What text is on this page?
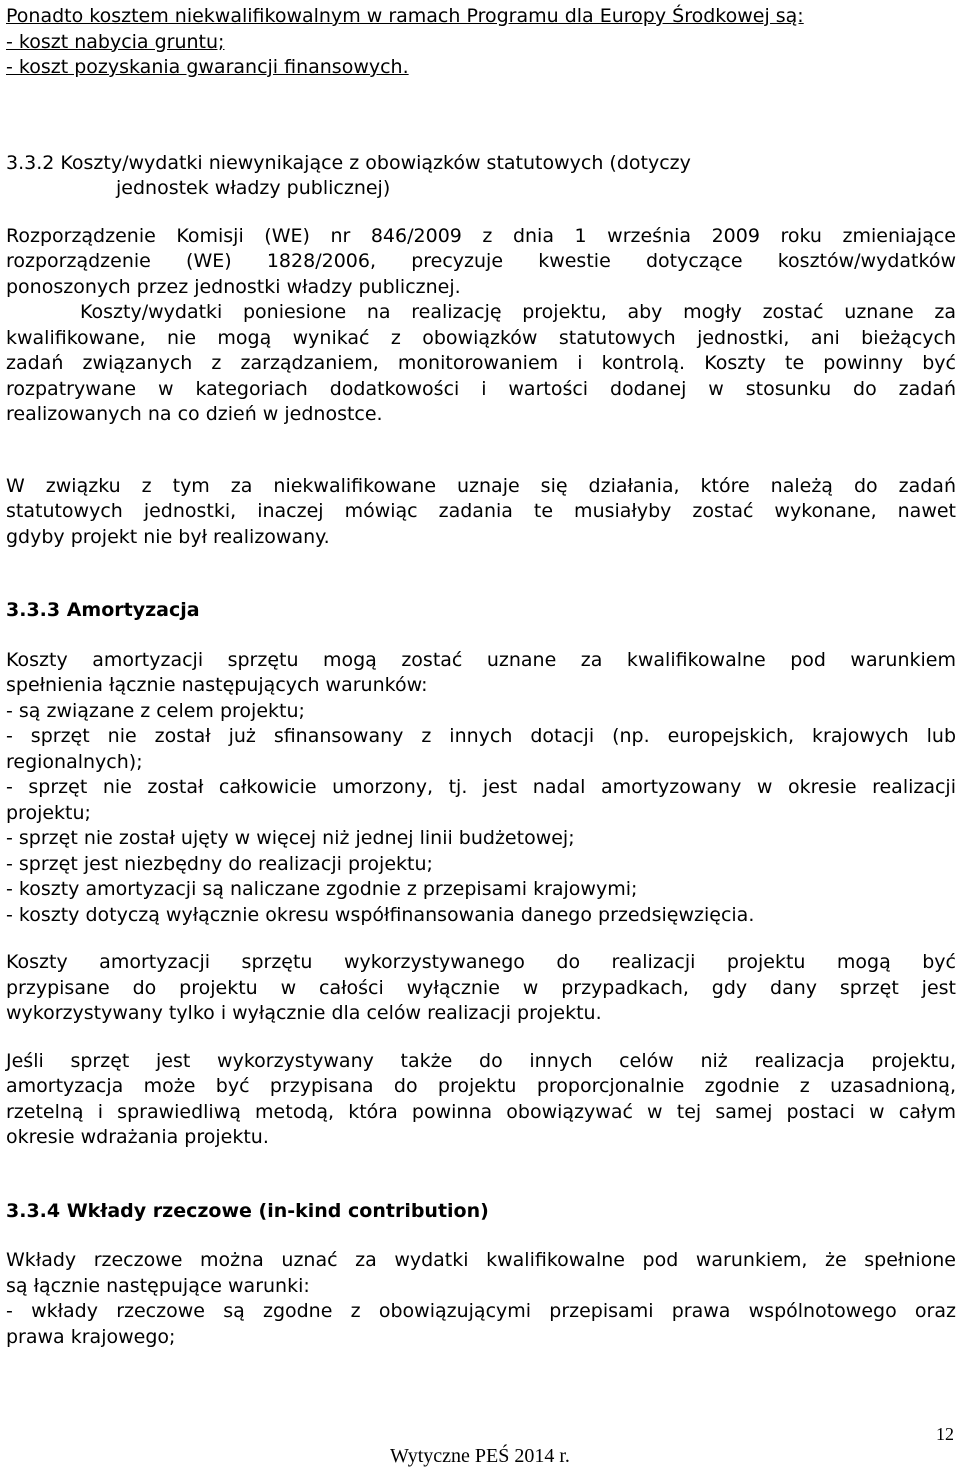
Ponadto kosztem niekwalifikowalnym w ramach Programu dla Europy Środkowej są:
- koszt nabycia gruntu;
- koszt pozyskania gwarancji finansowych.
3.3.2 Koszty/wydatki niewynikające z obowiązków statutowych (dotyczy
jednostek władzy publicznej)
Rozporządzenie Komisji (WE) nr 846/2009 z dnia 1 września 2009 roku zmieniające
rozporządzenie (WE) 1828/2006, precyzuje kwestie dotyczące kosztów/wydatków
ponoszonych przez jednostki władzy publicznej.
Koszty/wydatki poniesione na realizację projektu, aby mogły zostać uznane za
kwalifikowane, nie mogą wynikać z obowiązków statutowych jednostki, ani bieżących
zadań związanych z zarządzaniem, monitorowaniem i kontrolą. Koszty te powinny być
rozpatrywane w kategoriach dodatkowości i wartości dodanej w stosunku do zadań
realizowanych na co dzień w jednostce.
W związku z tym za niekwalifikowane uznaje się działania, które należą do zadań
statutowych jednostki, inaczej mówiąc zadania te musiałyby zostać wykonane, nawet
gdyby projekt nie był realizowany.
3.3.3 Amortyzacja
Koszty amortyzacji sprzętu mogą zostać uznane za kwalifikowalne pod warunkiem
spełnienia łącznie następujących warunków:
- są związane z celem projektu;
- sprzęt nie został już sfinansowany z innych dotacji (np. europejskich, krajowych lub
regionalnych);
- sprzęt nie został całkowicie umorzony, tj. jest nadal amortyzowany w okresie realizacji
projektu;
- sprzęt nie został ujęty w więcej niż jednej linii budżetowej;
- sprzęt jest niezbędny do realizacji projektu;
- koszty amortyzacji są naliczane zgodnie z przepisami krajowymi;
- koszty dotyczą wyłącznie okresu współfinansowania danego przedsięwzięcia.
Koszty amortyzacji sprzętu wykorzystywanego do realizacji projektu mogą być
przypisane do projektu w całości wyłącznie w przypadkach, gdy dany sprzęt jest
wykorzystywany tylko i wyłącznie dla celów realizacji projektu.
Jeśli sprzęt jest wykorzystywany także do innych celów niż realizacja projektu,
amortyzacja może być przypisana do projektu proporcjonalnie zgodnie z uzasadnioną,
rzetelną i sprawiedliwą metodą, która powinna obowiązywać w tej samej postaci w całym
okresie wdrażania projektu.
3.3.4 Wkłady rzeczowe (in-kind contribution)
Wkłady rzeczowe można uznać za wydatki kwalifikowalne pod warunkiem, że spełnione
są łącznie następujące warunki:
- wkłady rzeczowe są zgodne z obowiązującymi przepisami prawa wspólnotowego oraz
prawa krajowego;
12
Wytyczne PEŚ 2014 r.
